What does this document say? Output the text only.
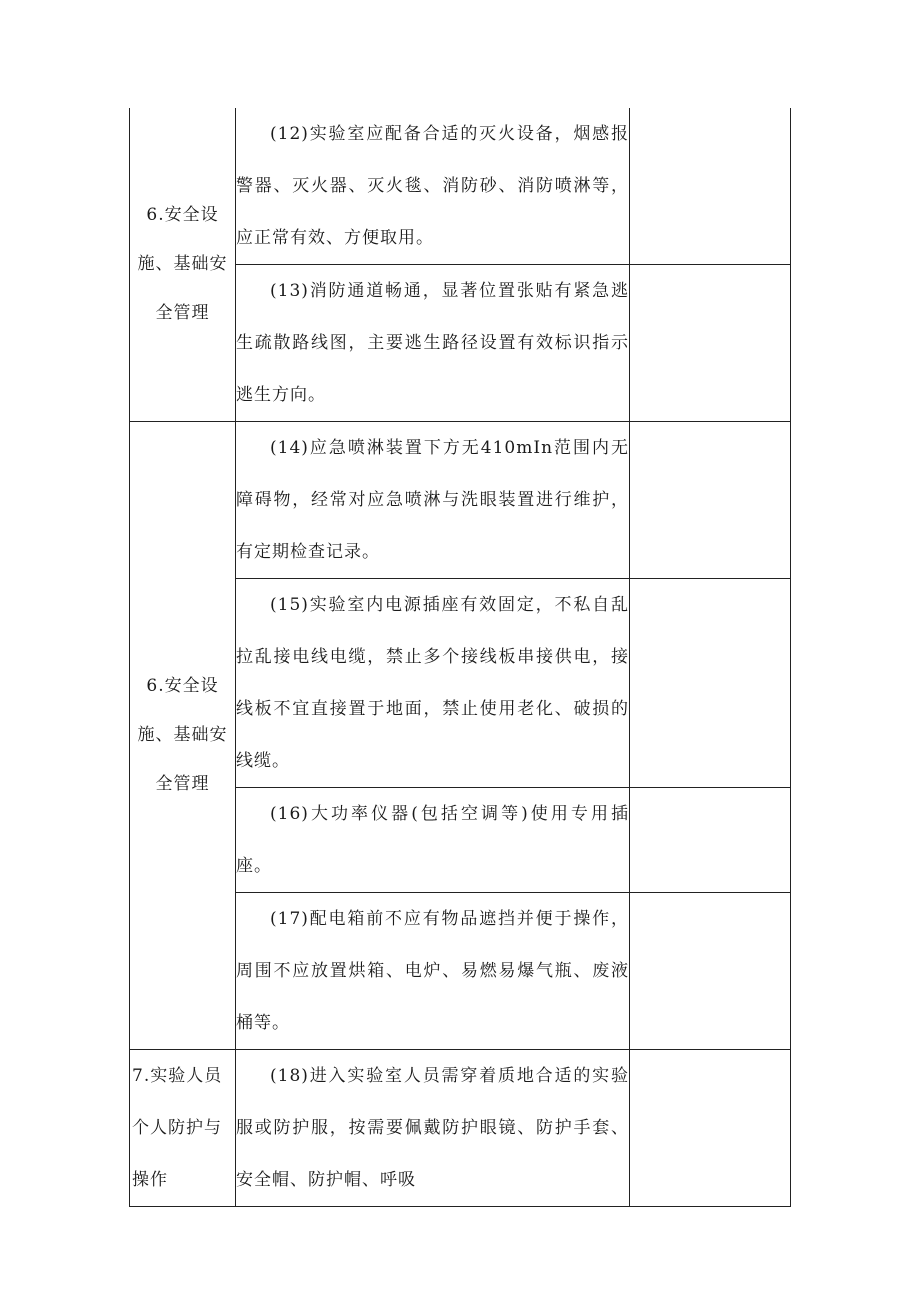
6.安全设施、基础安全管理	(12)实验室应配备合适的灭火设备，烟感报警器、灭火器、灭火毯、消防砂、消防喷淋等，应正常有效、方便取用。	

	(13)消防通道畅通，显著位置张贴有紧急逃生疏散路线图，主要逃生路径设置有效标识指示逃生方向。	

6.安全设施、基础安全管理	(14)应急喷淋装置下方无410mIn范围内无障碍物，经常对应急喷淋与洗眼装置进行维护，有定期检查记录。	

	(15)实验室内电源插座有效固定，不私自乱拉乱接电线电缆，禁止多个接线板串接供电，接线板不宜直接置于地面，禁止使用老化、破损的线缆。	

	(16)大功率仪器(包括空调等)使用专用插座。	

	(17)配电箱前不应有物品遮挡并便于操作，周围不应放置烘箱、电炉、易燃易爆气瓶、废液桶等。	

7.实验人员个人防护与操作	(18)进入实验室人员需穿着质地合适的实验服或防护服，按需要佩戴防护眼镜、防护手套、安全帽、防护帽、呼吸	
